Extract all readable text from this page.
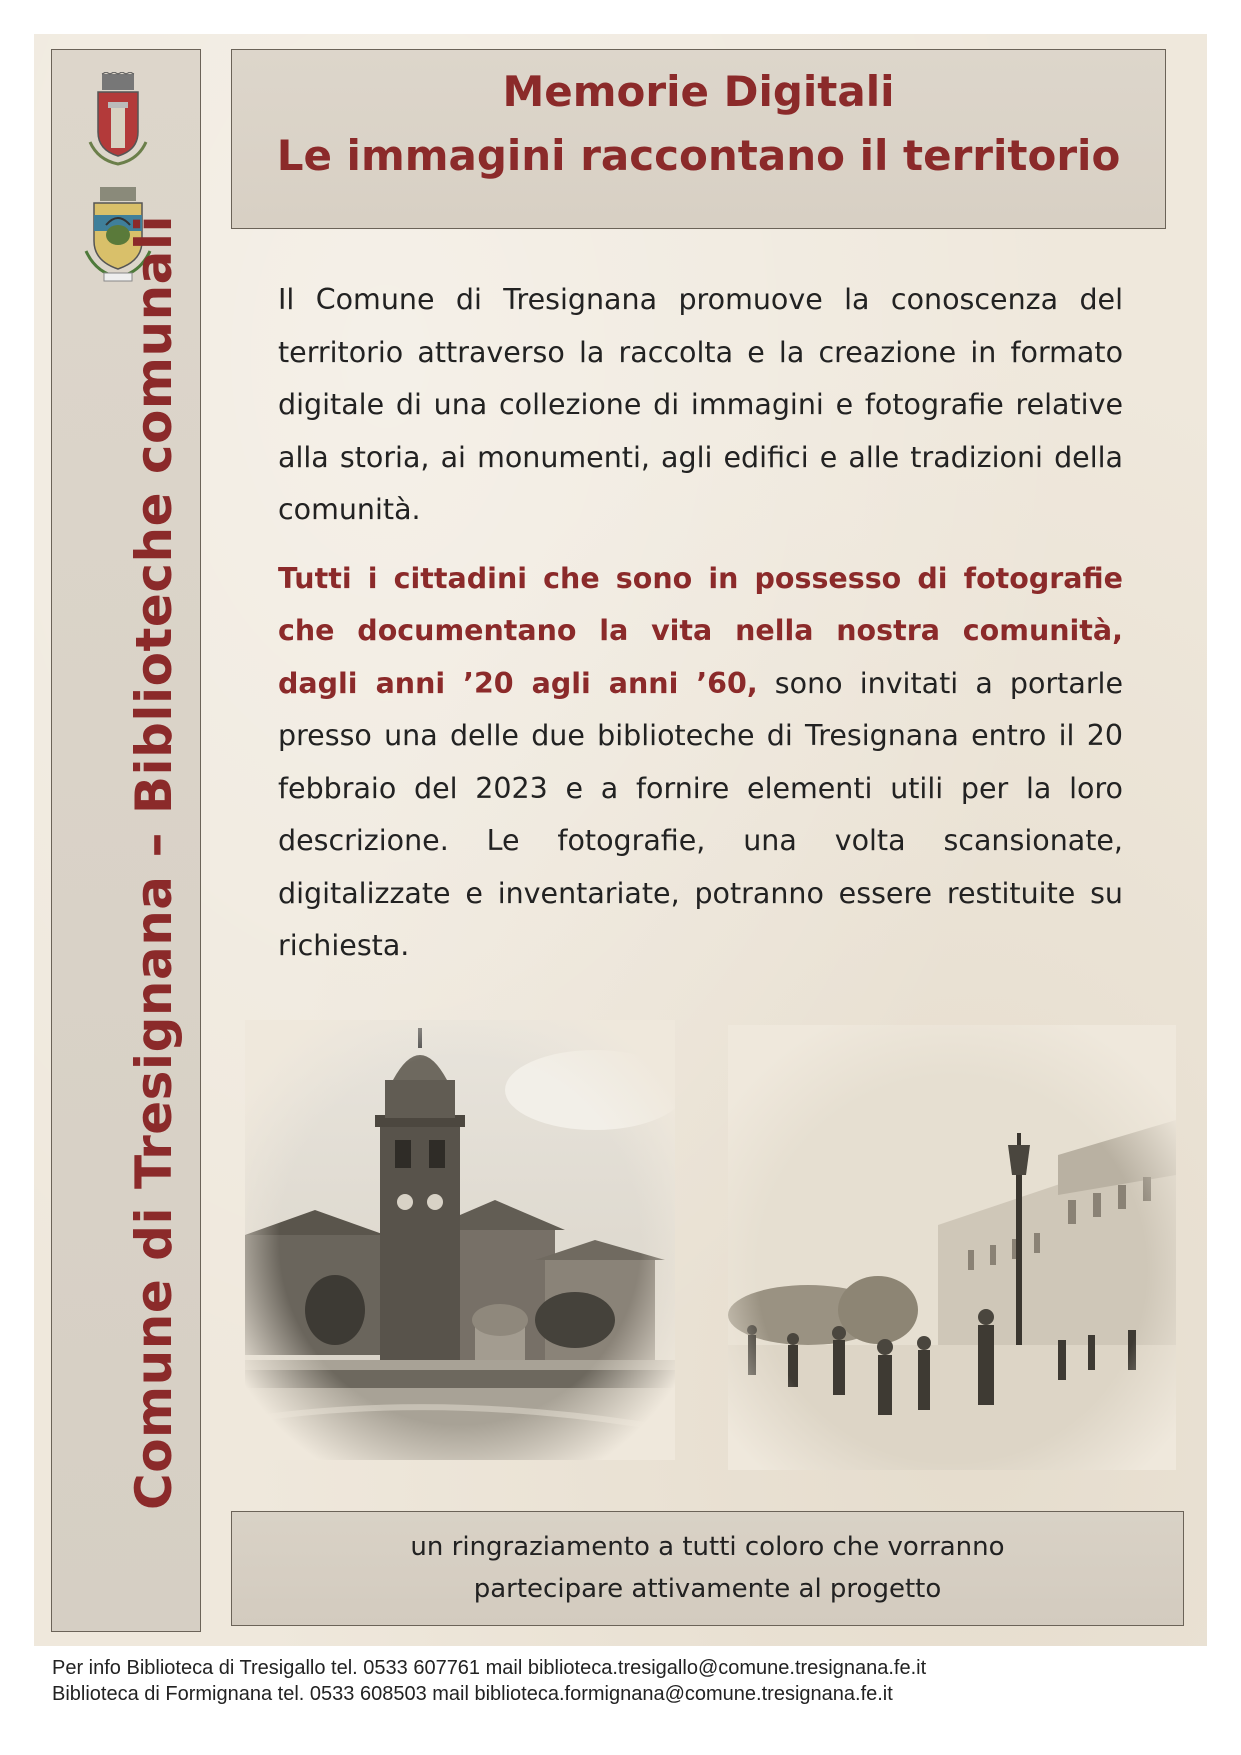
Comune di Tresignana – Biblioteche comunali
Memorie Digitali
Le immagini raccontano il territorio

Il Comune di Tresignana promuove la conoscenza del territorio attraverso la raccolta e la creazione in formato digitale di una collezione di immagini e fotografie relative alla storia, ai monumenti, agli edifici e alle tradizioni della comunità.

Tutti i cittadini che sono in possesso di fotografie che documentano la vita nella nostra comunità, dagli anni ’20 agli anni ’60, sono invitati a portarle presso una delle due biblioteche di Tresignana entro il 20 febbraio del 2023 e a fornire elementi utili per la loro descrizione. Le fotografie, una volta scansionate, digitalizzate e inventariate, potranno essere restituite su richiesta.

un ringraziamento a tutti coloro che vorranno
partecipare attivamente al progetto
Per info Biblioteca di Tresigallo tel. 0533 607761 mail biblioteca.tresigallo@comune.tresignana.fe.it
Biblioteca di Formignana tel. 0533 608503 mail biblioteca.formignana@comune.tresignana.fe.it
